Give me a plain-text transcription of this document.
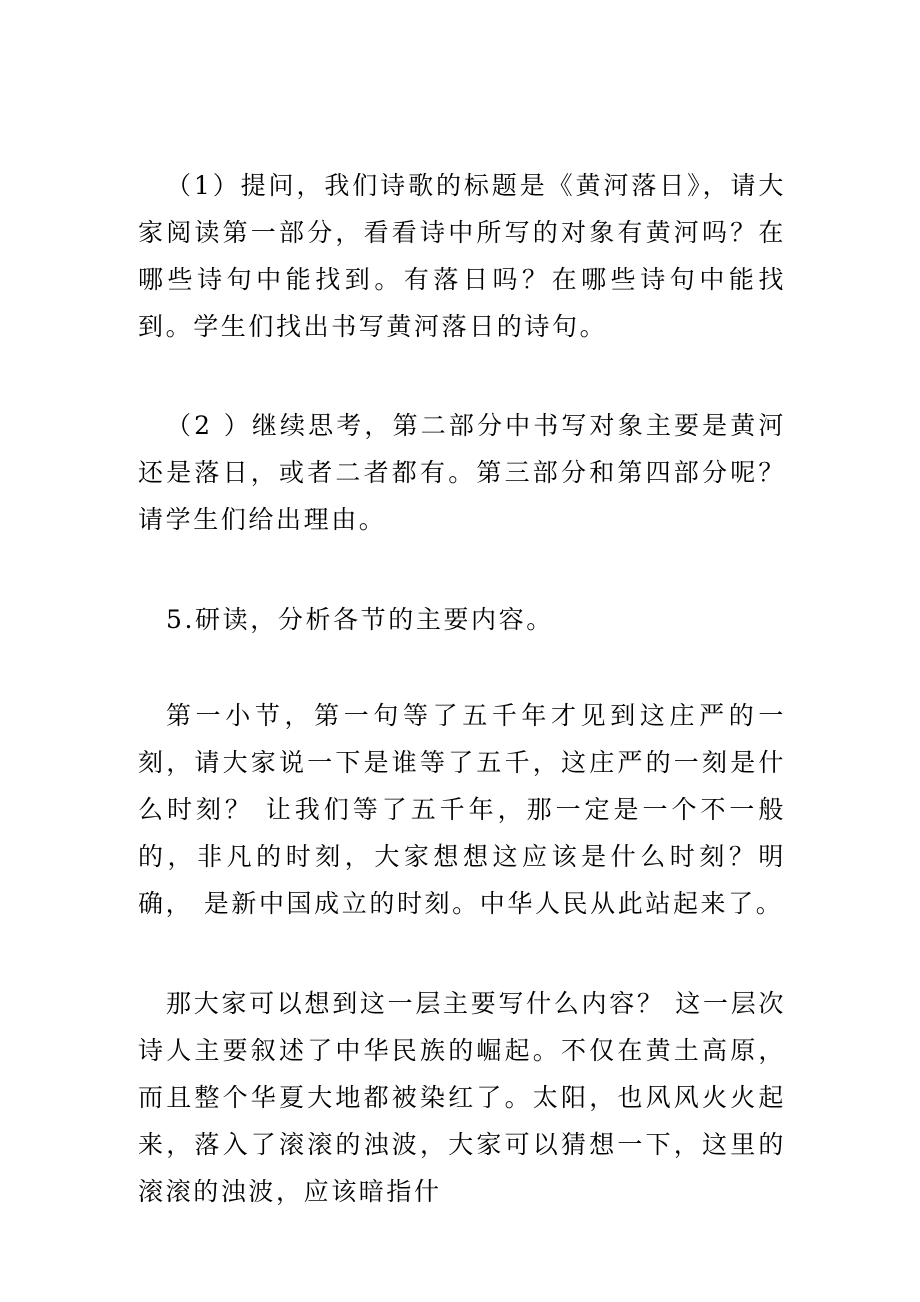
（1）提问，我们诗歌的标题是《黄河落日》，请大家阅读第一部分，看看诗中所写的对象有黄河吗？在哪些诗句中能找到。有落日吗？在哪些诗句中能找到。学生们找出书写黄河落日的诗句。

（2 ）继续思考，第二部分中书写对象主要是黄河还是落日，或者二者都有。第三部分和第四部分呢？请学生们给出理由。

5.研读，分析各节的主要内容。

第一小节，第一句等了五千年才见到这庄严的一刻，请大家说一下是谁等了五千，这庄严的一刻是什么时刻？ 让我们等了五千年，那一定是一个不一般的，非凡的时刻，大家想想这应该是什么时刻？明确， 是新中国成立的时刻。中华人民从此站起来了。

那大家可以想到这一层主要写什么内容？ 这一层次诗人主要叙述了中华民族的崛起。不仅在黄土高原，而且整个华夏大地都被染红了。太阳，也风风火火起来，落入了滚滚的浊波，大家可以猜想一下，这里的滚滚的浊波，应该暗指什
